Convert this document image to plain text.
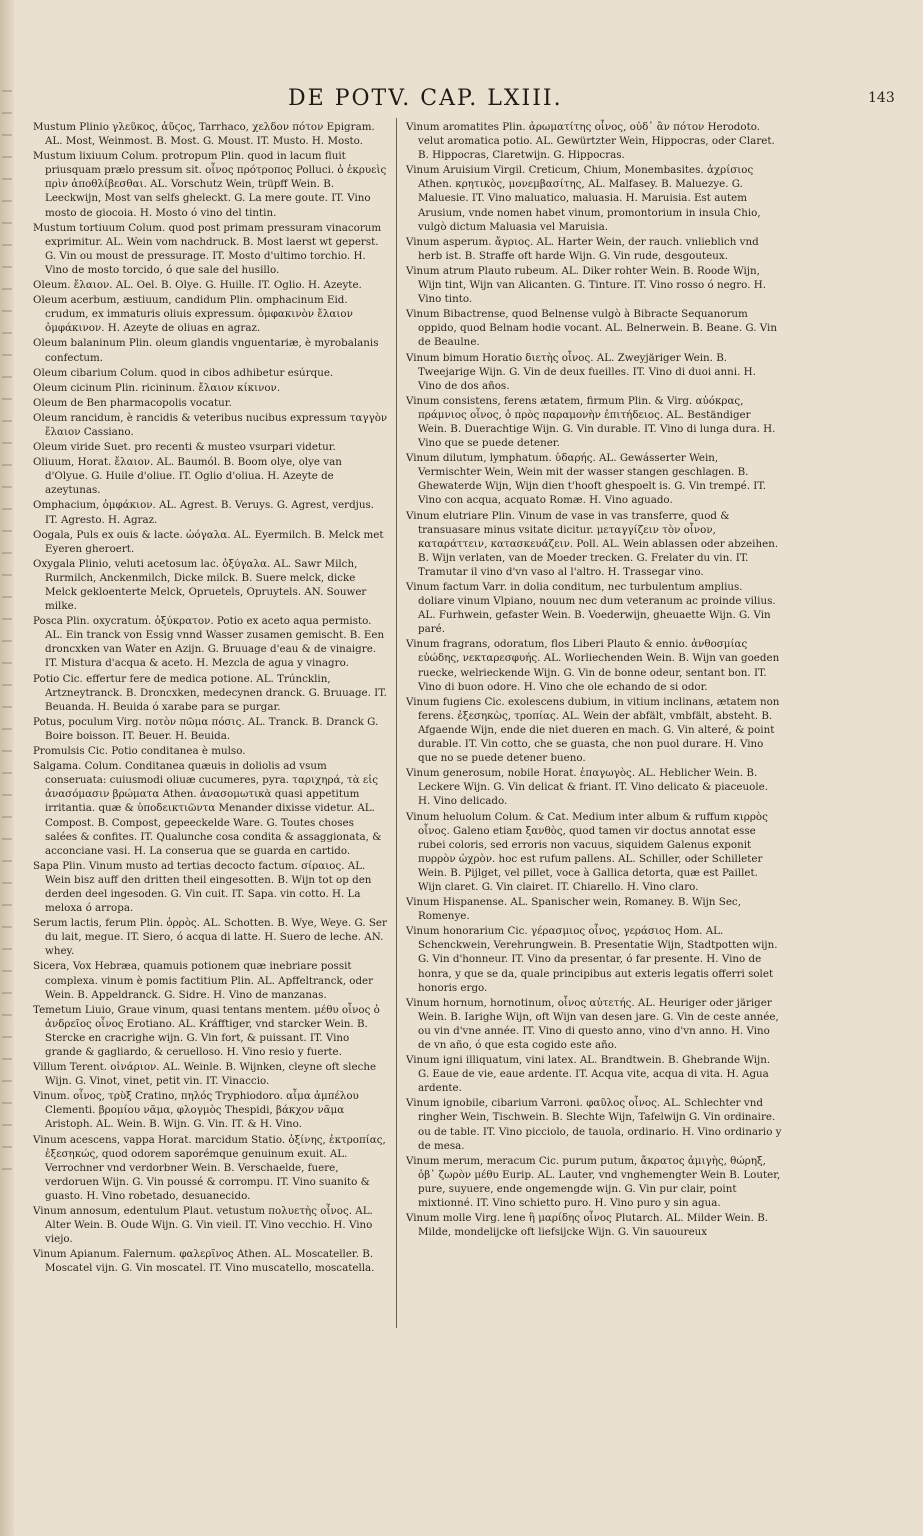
DE POTV. CAP. LXIII.	143

Mustum Plinio γλεῦκος, ἀῦϛος, Tarrhaco, χελδον πότον Epigram. AL. Most, Weinmost. B. Most. G. Moust. IT. Musto. H. Mosto.

Mustum lixiuum Colum. protropum Plin. quod in lacum fluit priusquam prælo pressum sit. οἶνος πρότροπος Polluci. ὁ ἐκρυεὶς πρὶν ἀποθλίβεσθαι. AL. Vorschutz Wein, trüpff Wein. B. Leeckwijn, Most van selfs gheleckt. G. La mere goute. IT. Vino mosto de giocoia. H. Mosto ó vino del tintin.

Mustum tortiuum Colum. quod post primam pressuram vinacorum exprimitur. AL. Wein vom nachdruck. B. Most laerst wt geperst. G. Vin ou moust de pressurage. IT. Mosto d'ultimo torchio. H. Vino de mosto torcido, ó que sale del husillo.

Oleum. ἔλαιον. AL. Oel. B. Olye. G. Huille. IT. Oglio. H. Azeyte.

Oleum acerbum, æstiuum, candidum Plin. omphacinum Eid. crudum, ex immaturis oliuis expressum. ὀμφακινὸν ἔλαιον ὀμφάκινον. H. Azeyte de oliuas en agraz.

Oleum balaninum Plin. oleum glandis vnguentariæ, è myrobalanis confectum.

Oleum cibarium Colum. quod in cibos adhibetur esúrque.

Oleum cicinum Plin. ricininum. ἔλαιον κίκινον.

Oleum de Ben pharmacopolis vocatur.

Oleum rancidum, è rancidis & veteribus nucibus expressum ταγγὸν ἔλαιον Cassiano.

Oleum viride Suet. pro recenti & musteo vsurpari videtur.

Oliuum, Horat. ἔλαιον. AL. Baumól. B. Boom olye, olye van d'Olyue. G. Huile d'oliue. IT. Oglio d'oliua. H. Azeyte de azeytunas.

Omphacium, ὀμφάκιον. AL. Agrest. B. Veruys. G. Agrest, verdjus. IT. Agresto. H. Agraz.

Oogala, Puls ex ouis & lacte. ὠόγαλα. AL. Eyermilch. B. Melck met Eyeren gheroert.

Oxygala Plinio, veluti acetosum lac. ὀξύγαλα. AL. Sawr Milch, Rurmilch, Anckenmilch, Dicke milck. B. Suere melck, dicke Melck gekloenterte Melck, Opruetels, Opruytels. AN. Souwer milke.

Posca Plin. oxycratum. ὀξύκρατον. Potio ex aceto aqua permisto. AL. Ein tranck von Essig vnnd Wasser zusamen gemischt. B. Een droncxken van Water en Azijn. G. Bruuage d'eau & de vinaigre. IT. Mistura d'acqua & aceto. H. Mezcla de agua y vinagro.

Potio Cic. effertur fere de medica potione. AL. Trúncklin, Artzneytranck. B. Droncxken, medecynen dranck. G. Bruuage. IT. Beuanda. H. Beuida ó xarabe para se purgar.

Potus, poculum Virg. ποτὸν πῶμα πόσις. AL. Tranck. B. Dranck G. Boire boisson. IT. Beuer. H. Beuida.

Promulsis Cic. Potio conditanea è mulso.

Salgama. Colum. Conditanea quæuis in doliolis ad vsum conseruata: cuiusmodi oliuæ cucumeres, pyra. ταριχηρά, τὰ εἰς ἀνασόμασιν βρώματα Athen. ἀνασομωτικὰ quasi appetitum irritantia. quæ & ὑποδεικτιῶντα Menander dixisse videtur. AL. Compost. B. Compost, gepeeckelde Ware. G. Toutes choses salées & confites. IT. Qualunche cosa condita & assaggionata, & acconciane vasi. H. La conserua que se guarda en cartido.

Sapa Plin. Vinum musto ad tertias decocto factum. σίραιος. AL. Wein bisz auff den dritten theil eingesotten. B. Wijn tot op den derden deel ingesoden. G. Vin cuit. IT. Sapa. vin cotto. H. La meloxa ó arropa.

Serum lactis, ferum Plin. ὀρρὸς. AL. Schotten. B. Wye, Weye. G. Ser du lait, megue. IT. Siero, ó acqua di latte. H. Suero de leche. AN. whey.

Sicera, Vox Hebræa, quamuis potionem quæ inebriare possit complexa. vinum è pomis factitium Plin. AL. Apffeltranck, oder Wein. B. Appeldranck. G. Sidre. H. Vino de manzanas.

Temetum Liuio, Graue vinum, quasi tentans mentem. μέθυ οἶνος ὁ ἀνδρεῖος οἶνος Erotiano. AL. Kráfftiger, vnd starcker Wein. B. Stercke en cracrighe wijn. G. Vin fort, & puissant. IT. Vino grande & gagliardo, & ceruelloso. H. Vino resio y fuerte.

Villum Terent. οἰνάριον. AL. Weinle. B. Wijnken, cleyne oft sleche Wijn. G. Vinot, vinet, petit vin. IT. Vinaccio.

Vinum. οἶνος, τρὺξ Cratino, πηλός Tryphiodoro. αἶμα ἀμπέλου Clementi. βρομίου νᾶμα, φλογμὸς Thespidi, βάκχον νᾶμα Aristoph. AL. Wein. B. Wijn. G. Vin. IT. & H. Vino.

Vinum acescens, vappa Horat. marcidum Statio. ὀξίνης, ἐκτροπίας, ἐξεσηκώς, quod odorem saporémque genuinum exuit. AL. Verrochner vnd verdorbner Wein. B. Verschaelde, fuere, verdoruen Wijn. G. Vin poussé & corrompu. IT. Vino suanito & guasto. H. Vino robetado, desuanecido.

Vinum annosum, edentulum Plaut. vetustum πολυετὴς οἶνος. AL. Alter Wein. B. Oude Wijn. G. Vin vieil. IT. Vino vecchio. H. Vino viejo.

Vinum Apianum. Falernum. φαλερῖνος Athen. AL. Moscateller. B. Moscatel vijn. G. Vin moscatel. IT. Vino muscatello, moscatella.

Vinum aromatites Plin. ἀρωματίτης οἶνος, οὐδ᾽ ἂν πότον Herodoto. velut aromatica potio. AL. Gewürtzter Wein, Hippocras, oder Claret. B. Hippocras, Claretwijn. G. Hippocras.

Vinum Aruisium Virgil. Creticum, Chium, Monembasites. ἀχρίσιος Athen. κρητικὸς, μονεμβασίτης, AL. Malfasey. B. Maluezye. G. Maluesie. IT. Vino maluatico, maluasia. H. Maruisia. Est autem Arusium, vnde nomen habet vinum, promontorium in insula Chio, vulgò dictum Maluasia vel Maruisia.

Vinum asperum. ἄγριος. AL. Harter Wein, der rauch. vnlieblich vnd herb ist. B. Straffe oft harde Wijn. G. Vin rude, desgouteux.

Vinum atrum Plauto rubeum. AL. Diker rohter Wein. B. Roode Wijn, Wijn tint, Wijn van Alicanten. G. Tinture. IT. Vino rosso ó negro. H. Vino tinto.

Vinum Bibactrense, quod Belnense vulgò à Bibracte Sequanorum oppido, quod Belnam hodie vocant. AL. Belnerwein. B. Beane. G. Vin de Beaulne.

Vinum bimum Horatio διετὴς οἶνος. AL. Zweyjäriger Wein. B. Tweejarige Wijn. G. Vin de deux fueilles. IT. Vino di duoi anni. H. Vino de dos años.

Vinum consistens, ferens ætatem, firmum Plin. & Virg. αὐόκρας, πράμνιος οἶνος, ὁ πρὸς παραμονὴν ἐπιτήδειος. AL. Beständiger Wein. B. Duerachtige Wijn. G. Vin durable. IT. Vino di lunga dura. H. Vino que se puede detener.

Vinum dilutum, lymphatum. ὑδαρής. AL. Gewásserter Wein, Vermischter Wein, Wein mit der wasser stangen geschlagen. B. Ghewaterde Wijn, Wijn dien t'hooft ghespoelt is. G. Vin trempé. IT. Vino con acqua, acquato Romæ. H. Vino aguado.

Vinum elutriare Plin. Vinum de vase in vas transferre, quod & transuasare minus vsitate dicitur. μεταγγίζειν τὸν οἶνον, καταράττειν, κατασκευάζειν. Poll. AL. Wein ablassen oder abzeihen. B. Wijn verlaten, van de Moeder trecken. G. Frelater du vin. IT. Tramutar il vino d'vn vaso al l'altro. H. Trassegar vino.

Vinum factum Varr. in dolia conditum, nec turbulentum amplius. doliare vinum Vlpiano, nouum nec dum veteranum ac proinde vilius. AL. Furhwein, gefaster Wein. B. Voederwijn, gheuaette Wijn. G. Vin paré.

Vinum fragrans, odoratum, flos Liberi Plauto & ennio. ἀνθοσμίας εὐώδης, νεκταρεσφυής. AL. Worliechenden Wein. B. Wijn van goeden ruecke, welrieckende Wijn. G. Vin de bonne odeur, sentant bon. IT. Vino di buon odore. H. Vino che ole echando de si odor.

Vinum fugiens Cic. exolescens dubium, in vitium inclinans, ætatem non ferens. ἐξεσηκὼς, τροπίας. AL. Wein der abfält, vmbfält, absteht. B. Afgaende Wijn, ende die niet dueren en mach. G. Vin alteré, & point durable. IT. Vin cotto, che se guasta, che non puol durare. H. Vino que no se puede detener bueno.

Vinum generosum, nobile Horat. ἐπαγωγὸς. AL. Heblicher Wein. B. Leckere Wijn. G. Vin delicat & friant. IT. Vino delicato & piaceuole. H. Vino delicado.

Vinum heluolum Colum. & Cat. Medium inter album & ruffum κιρρὸς οἶνος. Galeno etiam ξανθὸς, quod tamen vir doctus annotat esse rubei coloris, sed erroris non vacuus, siquidem Galenus exponit πυρρὸν ὠχρὸν. hoc est rufum pallens. AL. Schiller, oder Schilleter Wein. B. Pijlget, vel pillet, voce à Gallica detorta, quæ est Paillet. Wijn claret. G. Vin clairet. IT. Chiarello. H. Vino claro.

Vinum Hispanense. AL. Spanischer wein, Romaney. B. Wijn Sec, Romenye.

Vinum honorarium Cic. γέρασμιος οἶνος, γεράσιος Hom. AL. Schenckwein, Verehrungwein. B. Presentatie Wijn, Stadtpotten wijn. G. Vin d'honneur. IT. Vino da presentar, ó far presente. H. Vino de honra, y que se da, quale principibus aut exteris legatis offerri solet honoris ergo.

Vinum hornum, hornotinum, οἶνος αὐτετής. AL. Heuriger oder järiger Wein. B. Iarighe Wijn, oft Wijn van desen jare. G. Vin de ceste année, ou vin d'vne année. IT. Vino di questo anno, vino d'vn anno. H. Vino de vn año, ó que esta cogido este año.

Vinum igni illiquatum, vini latex. AL. Brandtwein. B. Ghebrande Wijn. G. Eaue de vie, eaue ardente. IT. Acqua vite, acqua di vita. H. Agua ardente.

Vinum ignobile, cibarium Varroni. φαῦλος οἶνος. AL. Schlechter vnd ringher Wein, Tischwein. B. Slechte Wijn, Tafelwijn G. Vin ordinaire. ou de table. IT. Vino picciolo, de tauola, ordinario. H. Vino ordinario y de mesa.

Vinum merum, meracum Cic. purum putum, ἄκρατος ἀμιγὴς, θώρηξ, ὀβ᾽ ζωρὸν μέθυ Eurip. AL. Lauter, vnd vnghemengter Wein B. Louter, pure, suyuere, ende ongemengde wijn. G. Vin pur clair, point mixtionné. IT. Vino schietto puro. H. Vino puro y sin agua.

Vinum molle Virg. lene ἢ μαρίδης οἶνος Plutarch. AL. Milder Wein. B. Milde, mondelijcke oft liefsijcke Wijn. G. Vin sauoureux
